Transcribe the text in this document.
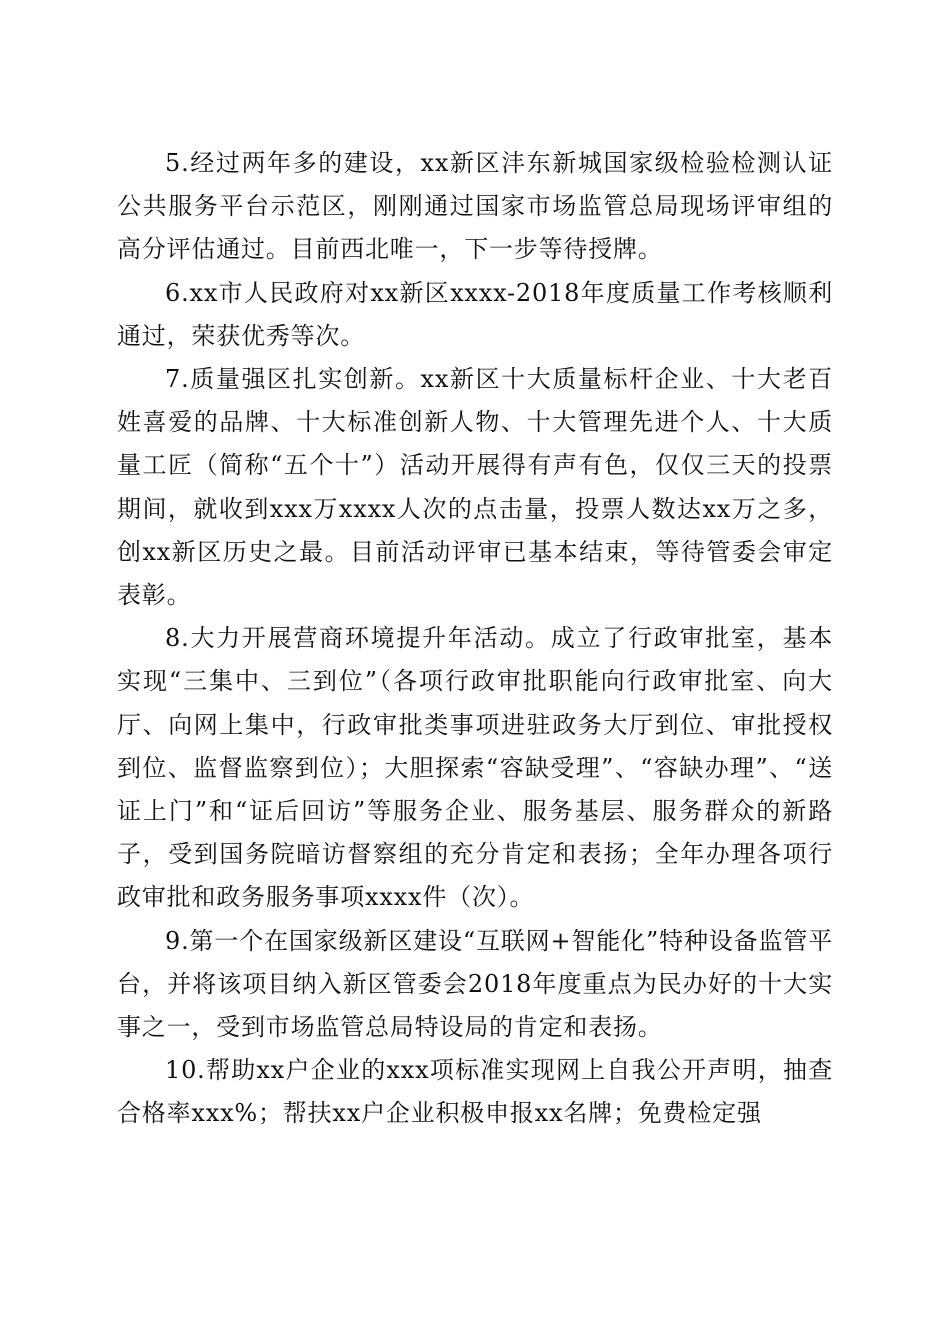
5.经过两年多的建设，xx新区沣东新城国家级检验检测认证公共服务平台示范区，刚刚通过国家市场监管总局现场评审组的高分评估通过。目前西北唯一，下一步等待授牌。

6.xx市人民政府对xx新区xxxx-2018年度质量工作考核顺利通过，荣获优秀等次。

7.质量强区扎实创新。xx新区十大质量标杆企业、十大老百姓喜爱的品牌、十大标准创新人物、十大管理先进个人、十大质量工匠（简称“五个十”）活动开展得有声有色，仅仅三天的投票期间，就收到xxx万xxxx人次的点击量，投票人数达xx万之多，创xx新区历史之最。目前活动评审已基本结束，等待管委会审定表彰。

8.大力开展营商环境提升年活动。成立了行政审批室，基本实现“三集中、三到位”（各项行政审批职能向行政审批室、向大厅、向网上集中，行政审批类事项进驻政务大厅到位、审批授权到位、监督监察到位）；大胆探索“容缺受理”、“容缺办理”、“送证上门”和“证后回访”等服务企业、服务基层、服务群众的新路子，受到国务院暗访督察组的充分肯定和表扬；全年办理各项行政审批和政务服务事项xxxx件（次）。

9.第一个在国家级新区建设“互联网+智能化”特种设备监管平台，并将该项目纳入新区管委会2018年度重点为民办好的十大实事之一，受到市场监管总局特设局的肯定和表扬。

10.帮助xx户企业的xxx项标准实现网上自我公开声明，抽查合格率xxx%；帮扶xx户企业积极申报xx名牌；免费检定强
